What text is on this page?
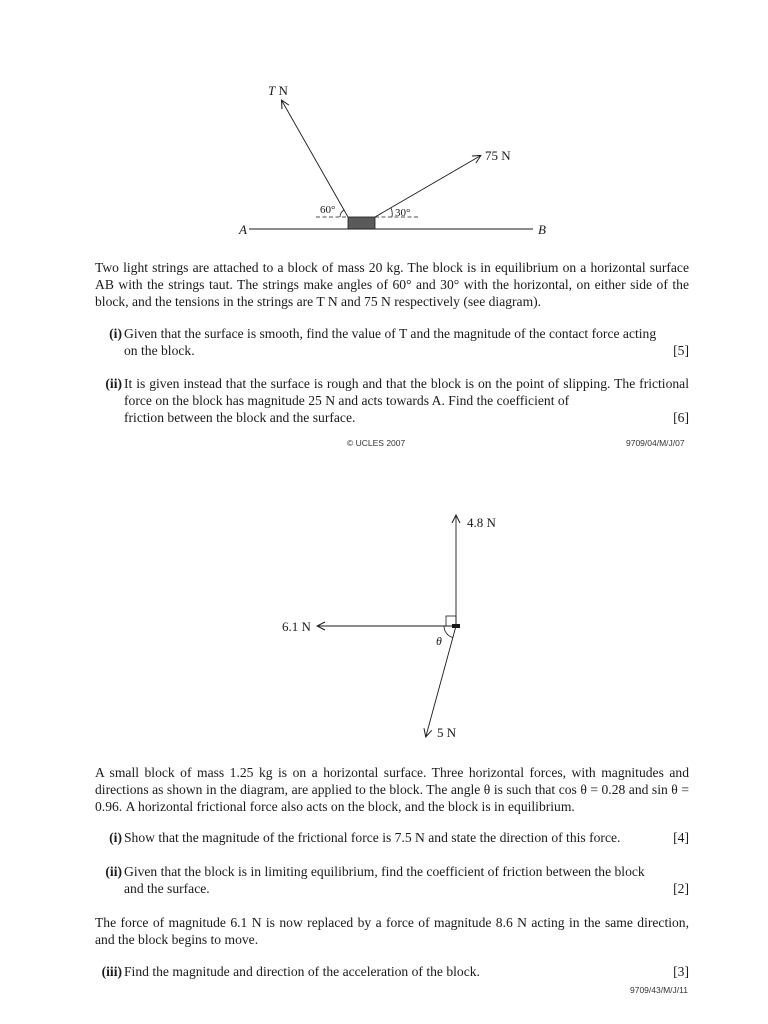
T N
75 N
60°	30°
A	B
Two light strings are attached to a block of mass 20 kg. The block is in equilibrium on a horizontal surface AB with the strings taut. The strings make angles of 60° and 30° with the horizontal, on either side of the block, and the tensions in the strings are T N and 75 N respectively (see diagram).
(i) Given that the surface is smooth, find the value of T and the magnitude of the contact force acting
on the block.	[5]
(ii) It is given instead that the surface is rough and that the block is on the point of slipping. The frictional force on the block has magnitude 25 N and acts towards A. Find the coefficient of
friction between the block and the surface.	[6]
© UCLES 2007	9709/04/M/J/07
4.8 N
6.1 N
5 N
θ
A small block of mass 1.25 kg is on a horizontal surface. Three horizontal forces, with magnitudes and directions as shown in the diagram, are applied to the block. The angle θ is such that cos θ = 0.28 and sin θ = 0.96. A horizontal frictional force also acts on the block, and the block is in equilibrium.
(i) Show that the magnitude of the frictional force is 7.5 N and state the direction of this force.	[4]
(ii) Given that the block is in limiting equilibrium, find the coefficient of friction between the block
and the surface.	[2]
The force of magnitude 6.1 N is now replaced by a force of magnitude 8.6 N acting in the same direction, and the block begins to move.
(iii) Find the magnitude and direction of the acceleration of the block.	[3]
9709/43/M/J/11
